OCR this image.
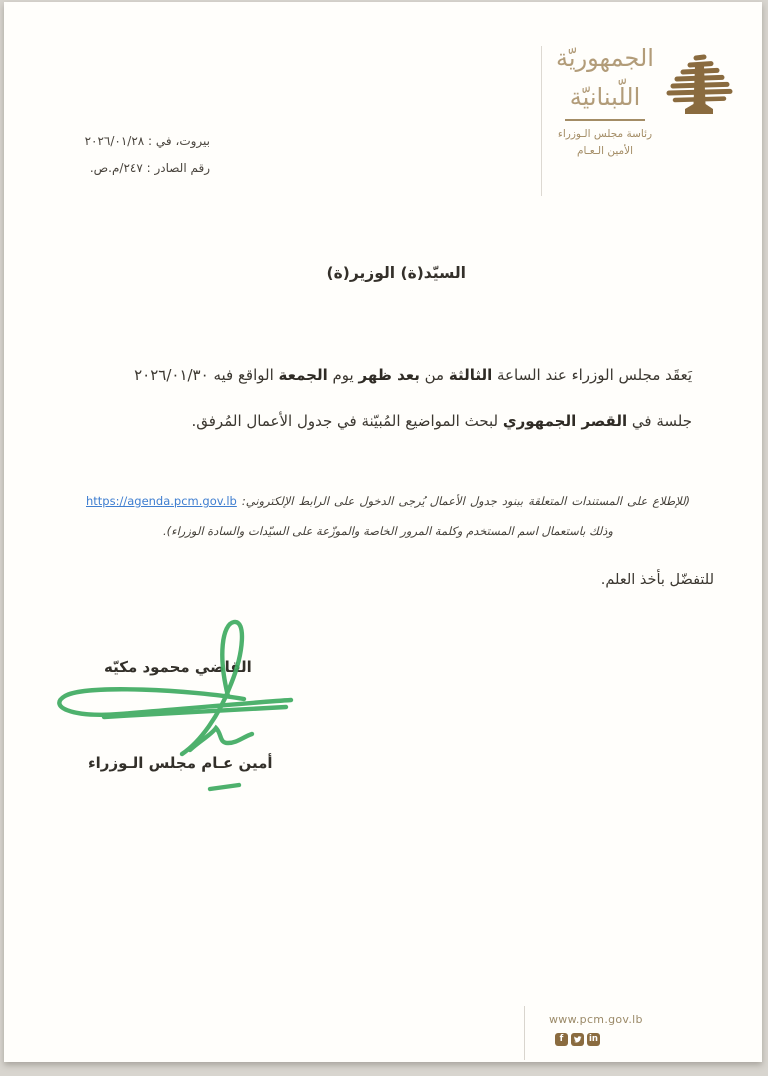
الجمهوريّة
اللّبنانيّة
رئاسة مجلس الـوزراء
الأمين الـعـام
بيروت، في : ٢٠٢٦/٠١/٢٨
رقم الصادر : ٢٤٧/م.ص.
السيّد(ة) الوزير(ة)
يَعقَد مجلس الوزراء عند الساعة الثالثة من بعد ظهر يوم الجمعة الواقع فيه ٢٠٢٦/٠١/٣٠
جلسة في القصر الجمهوري لبحث المواضيع المُبيّنة في جدول الأعمال المُرفق.
(للإطلاع على المستندات المتعلقة ببنود جدول الأعمال يُرجى الدخول على الرابط الإلكتروني: https://agenda.pcm.gov.lb وذلك باستعمال اسم المستخدم وكلمة المرور الخاصة والموزّعة على السيّدات والسادة الوزراء).
للتفضّل بأخذ العلم.
القاضي محمود مكيّه
أمين عـام مجلس الـوزراء
www.pcm.gov.lb
f	in
